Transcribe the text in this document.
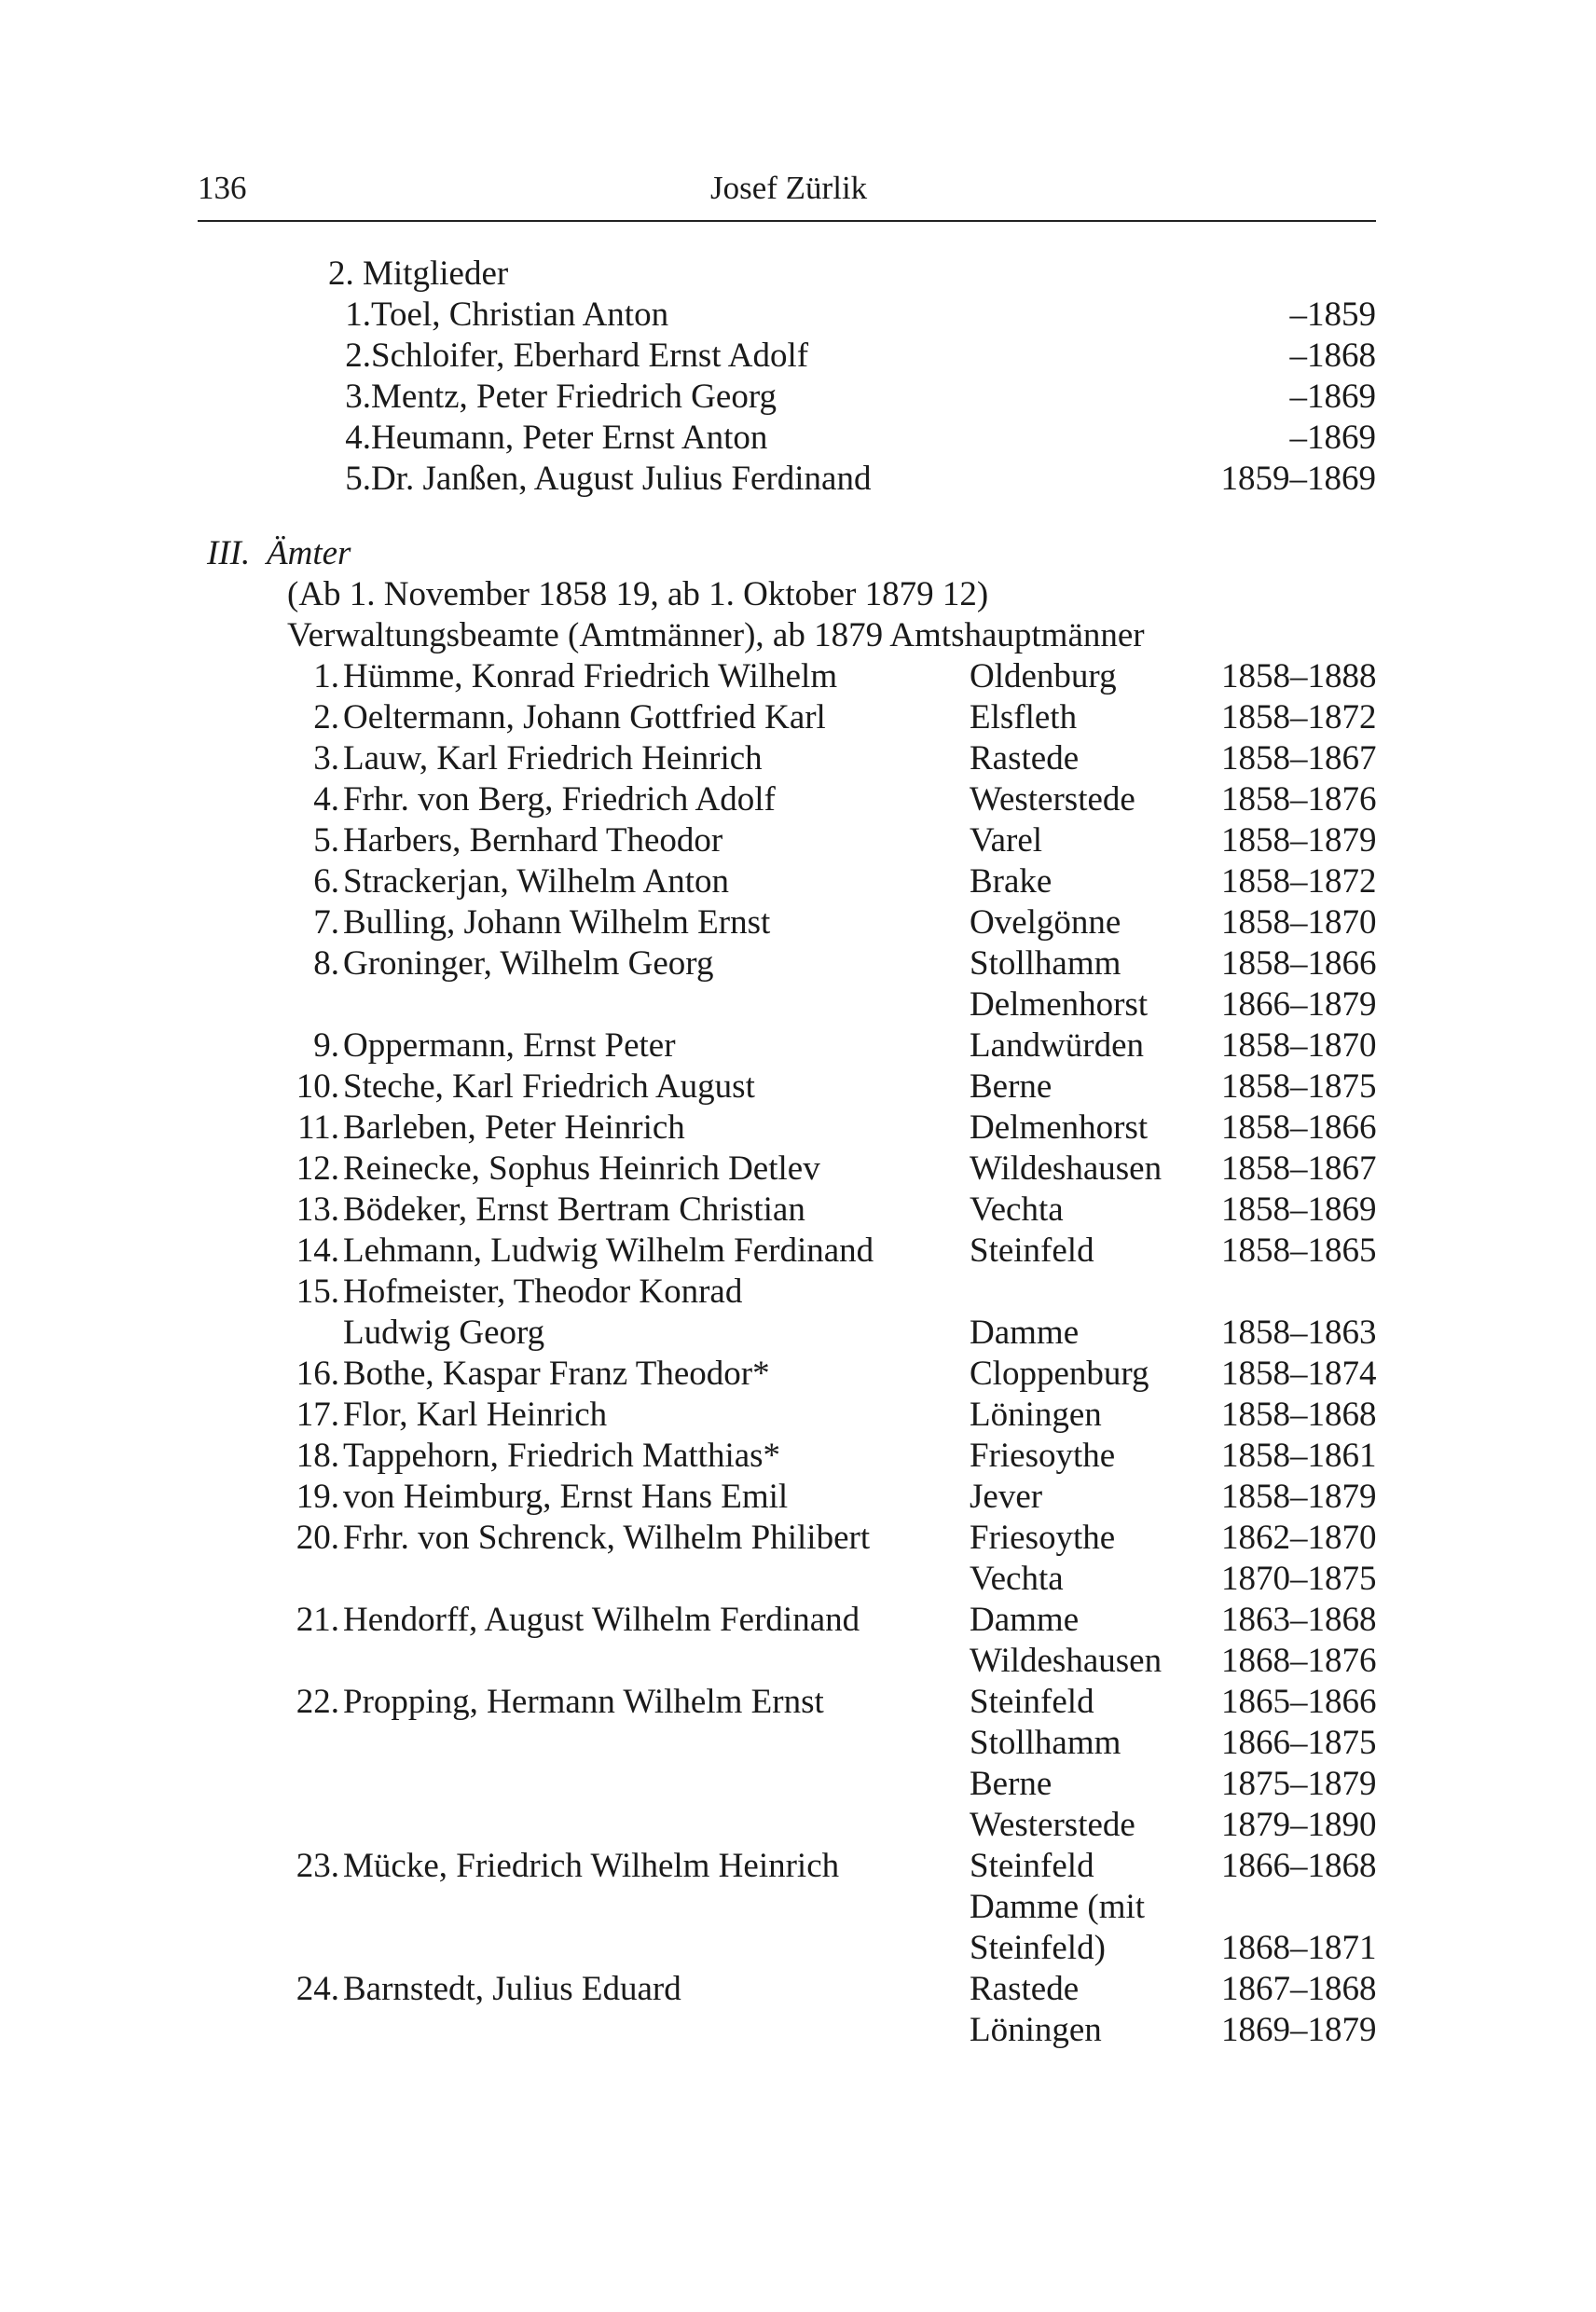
136	Josef Zürlik
2. Mitglieder
1. Toel, Christian Anton	–1859
2. Schloifer, Eberhard Ernst Adolf	–1868
3. Mentz, Peter Friedrich Georg	–1869
4. Heumann, Peter Ernst Anton	–1869
5. Dr. Janßen, August Julius Ferdinand	1859–1869
III. Ämter
(Ab 1. November 1858 19, ab 1. Oktober 1879 12)
Verwaltungsbeamte (Amtmänner), ab 1879 Amtshauptmänner
1. Hümme, Konrad Friedrich Wilhelm	Oldenburg	1858–1888
2. Oeltermann, Johann Gottfried Karl	Elsfleth	1858–1872
3. Lauw, Karl Friedrich Heinrich	Rastede	1858–1867
4. Frhr. von Berg, Friedrich Adolf	Westerstede 1858–1876
5. Harbers, Bernhard Theodor	Varel	1858–1879
6. Strackerjan, Wilhelm Anton	Brake	1858–1872
7. Bulling, Johann Wilhelm Ernst	Ovelgönne	1858–1870
8. Groninger, Wilhelm Georg	Stollhamm	1858–1866
Delmenhorst 1866–1879
9. Oppermann, Ernst Peter	Landwürden 1858–1870
10. Steche, Karl Friedrich August	Berne	1858–1875
11. Barleben, Peter Heinrich	Delmenhorst 1858–1866
12. Reinecke, Sophus Heinrich Detlev	Wildeshausen 1858–1867
13. Bödeker, Ernst Bertram Christian	Vechta	1858–1869
14. Lehmann, Ludwig Wilhelm Ferdinand	Steinfeld	1858–1865
15. Hofmeister, Theodor Konrad
Ludwig Georg	Damme	1858–1863
16. Bothe, Kaspar Franz Theodor*	Cloppenburg 1858–1874
17. Flor, Karl Heinrich	Löningen	1858–1868
18. Tappehorn, Friedrich Matthias*	Friesoythe	1858–1861
19. von Heimburg, Ernst Hans Emil	Jever	1858–1879
20. Frhr. von Schrenck, Wilhelm Philibert	Friesoythe	1862–1870
Vechta	1870–1875
21. Hendorff, August Wilhelm Ferdinand	Damme	1863–1868
Wildeshausen 1868–1876
22. Propping, Hermann Wilhelm Ernst	Steinfeld	1865–1866
Stollhamm	1866–1875
Berne	1875–1879
Westerstede 1879–1890
23. Mücke, Friedrich Wilhelm Heinrich	Steinfeld	1866–1868
Damme (mit
Steinfeld)	1868–1871
24. Barnstedt, Julius Eduard	Rastede	1867–1868
Löningen	1869–1879
